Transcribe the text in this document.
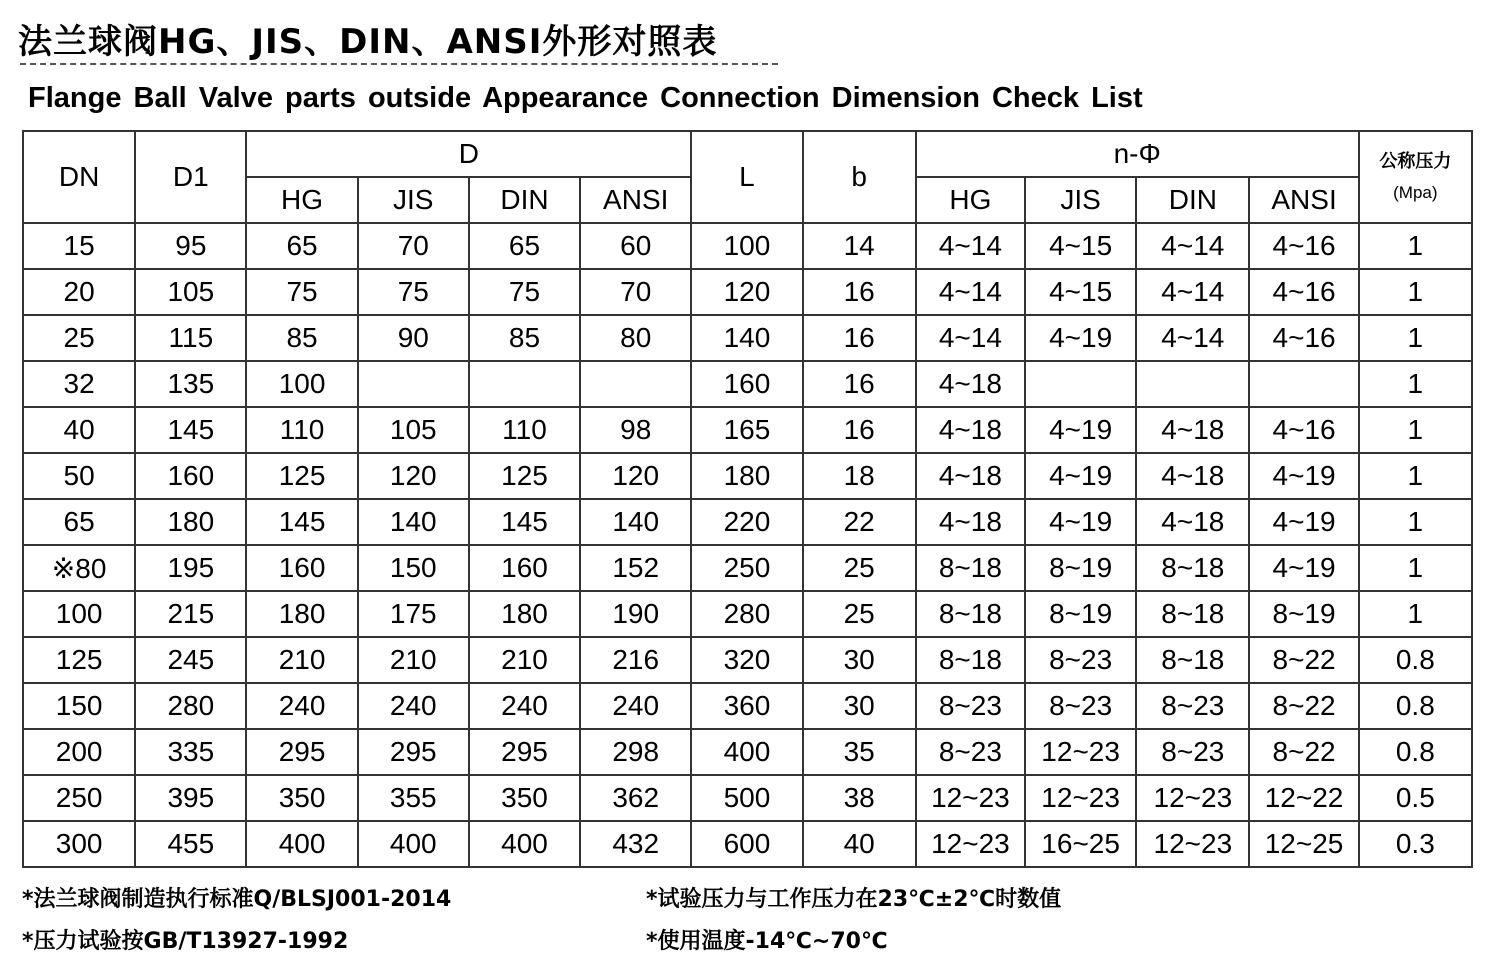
法兰球阀HG、JIS、DIN、ANSI外形对照表
Flange Ball Valve parts outside Appearance Connection Dimension Check List
DN	D1	D				L	b	n-Φ				公称压力
(Mpa)

		HG	JIS	DIN	ANSI			HG	JIS	DIN	ANSI	
15	95	65	70	65	60	100	14	4~14	4~15	4~14	4~16	1
20	105	75	75	75	70	120	16	4~14	4~15	4~14	4~16	1
25	115	85	90	85	80	140	16	4~14	4~19	4~14	4~16	1
32	135	100				160	16	4~18				1
40	145	110	105	110	98	165	16	4~18	4~19	4~18	4~16	1
50	160	125	120	125	120	180	18	4~18	4~19	4~18	4~19	1
65	180	145	140	145	140	220	22	4~18	4~19	4~18	4~19	1
※80	195	160	150	160	152	250	25	8~18	8~19	8~18	4~19	1
100	215	180	175	180	190	280	25	8~18	8~19	8~18	8~19	1
125	245	210	210	210	216	320	30	8~18	8~23	8~18	8~22	0.8
150	280	240	240	240	240	360	30	8~23	8~23	8~23	8~22	0.8
200	335	295	295	295	298	400	35	8~23	12~23	8~23	8~22	0.8
250	395	350	355	350	362	500	38	12~23	12~23	12~23	12~22	0.5
300	455	400	400	400	432	600	40	12~23	16~25	12~23	12~25	0.3
*法兰球阀制造执行标准Q/BLSJ001-2014
*压力试验按GB/T13927-1992
*试验压力与工作压力在23℃±2℃时数值
*使用温度-14℃~70℃
